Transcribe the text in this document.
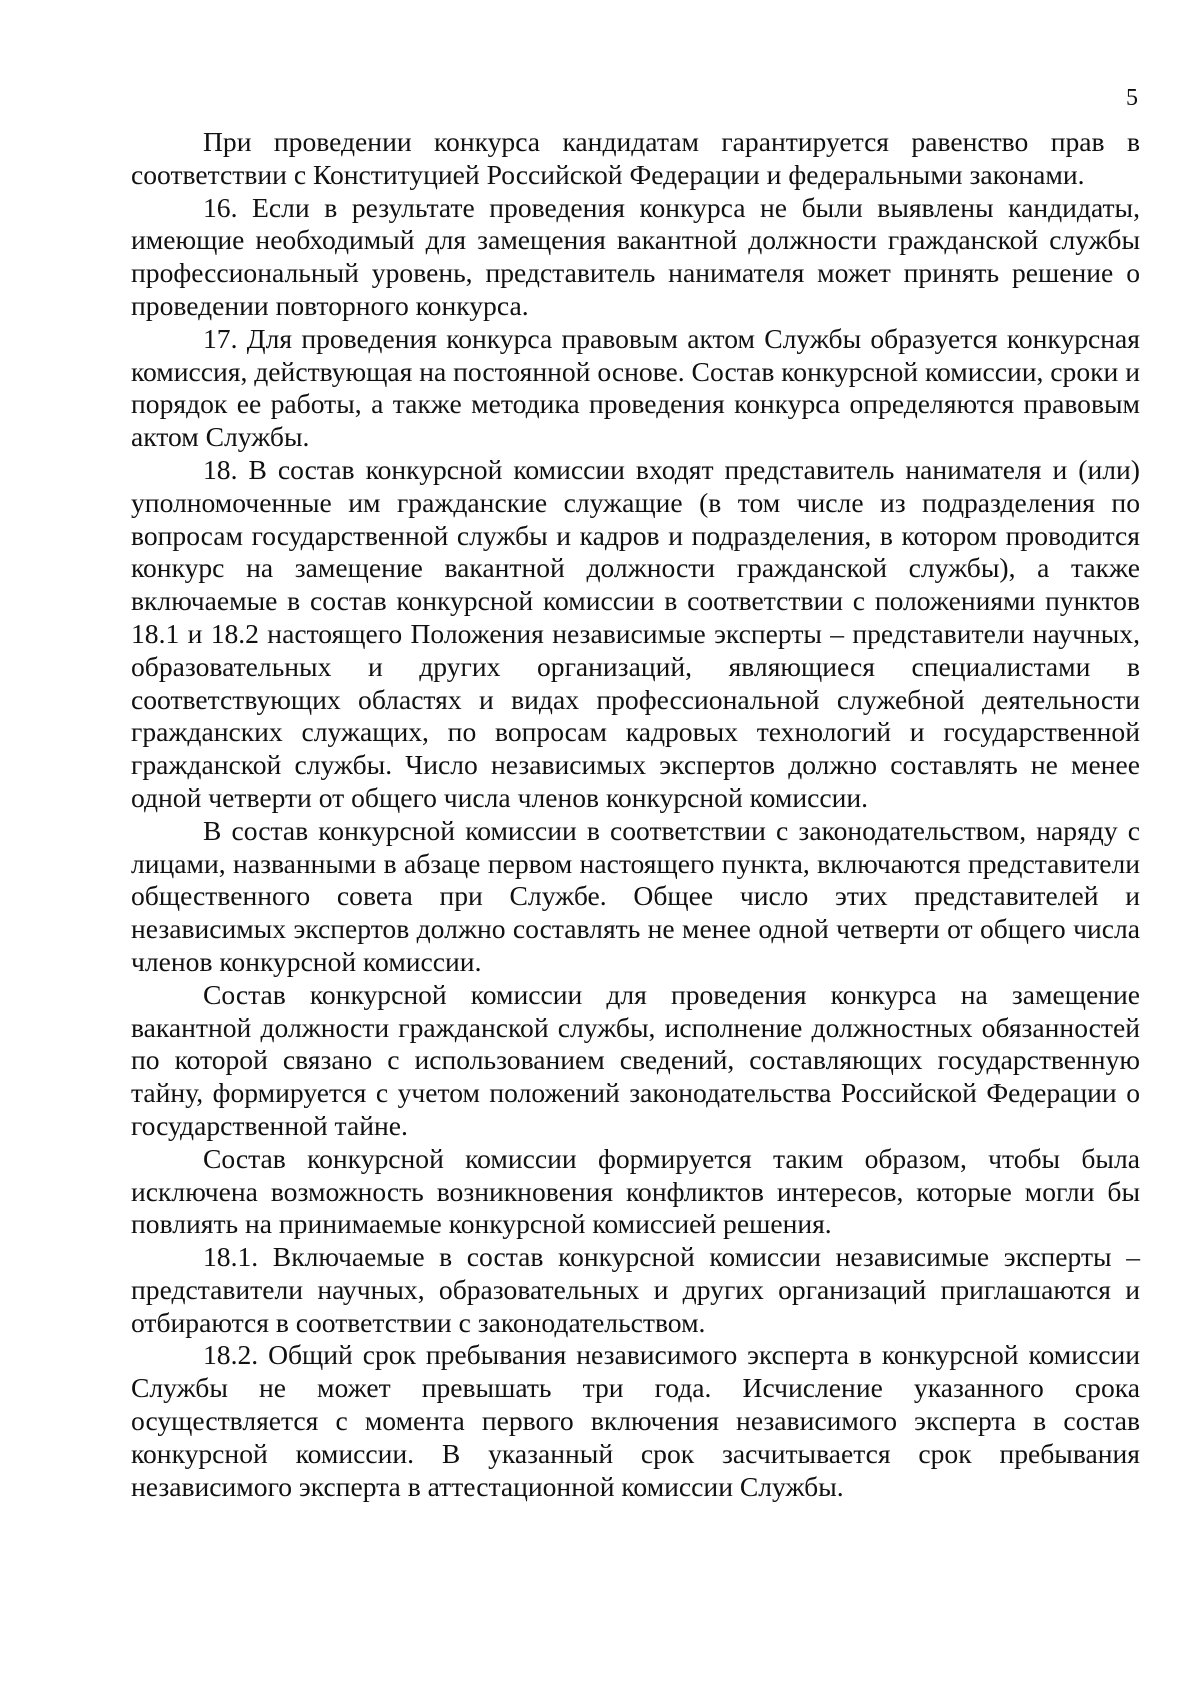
5

При проведении конкурса кандидатам гарантируется равенство прав в соответствии с Конституцией Российской Федерации и федеральными законами.

16. Если в результате проведения конкурса не были выявлены кандидаты, имеющие необходимый для замещения вакантной должности гражданской службы профессиональный уровень, представитель нанимателя может принять решение о проведении повторного конкурса.

17. Для проведения конкурса правовым актом Службы образуется конкурсная комиссия, действующая на постоянной основе. Состав конкурсной комиссии, сроки и порядок ее работы, а также методика проведения конкурса определяются правовым актом Службы.

18. В состав конкурсной комиссии входят представитель нанимателя и (или) уполномоченные им гражданские служащие (в том числе из подразделения по вопросам государственной службы и кадров и подразделения, в котором проводится конкурс на замещение вакантной должности гражданской службы), а также включаемые в состав конкурсной комиссии в соответствии с положениями пунктов 18.1 и 18.2 настоящего Положения независимые эксперты – представители научных, образовательных и других организаций, являющиеся специалистами в соответствующих областях и видах профессиональной служебной деятельности гражданских служащих, по вопросам кадровых технологий и государственной гражданской службы. Число независимых экспертов должно составлять не менее одной четверти от общего числа членов конкурсной комиссии.

В состав конкурсной комиссии в соответствии с законодательством, наряду с лицами, названными в абзаце первом настоящего пункта, включаются представители общественного совета при Службе. Общее число этих представителей и независимых экспертов должно составлять не менее одной четверти от общего числа членов конкурсной комиссии.

Состав конкурсной комиссии для проведения конкурса на замещение вакантной должности гражданской службы, исполнение должностных обязанностей по которой связано с использованием сведений, составляющих государственную тайну, формируется с учетом положений законодательства Российской Федерации о государственной тайне.

Состав конкурсной комиссии формируется таким образом, чтобы была исключена возможность возникновения конфликтов интересов, которые могли бы повлиять на принимаемые конкурсной комиссией решения.

18.1. Включаемые в состав конкурсной комиссии независимые эксперты – представители научных, образовательных и других организаций приглашаются и отбираются в соответствии с законодательством.

18.2. Общий срок пребывания независимого эксперта в конкурсной комиссии Службы не может превышать три года. Исчисление указанного срока осуществляется с момента первого включения независимого эксперта в состав конкурсной комиссии. В указанный срок засчитывается срок пребывания независимого эксперта в аттестационной комиссии Службы.
